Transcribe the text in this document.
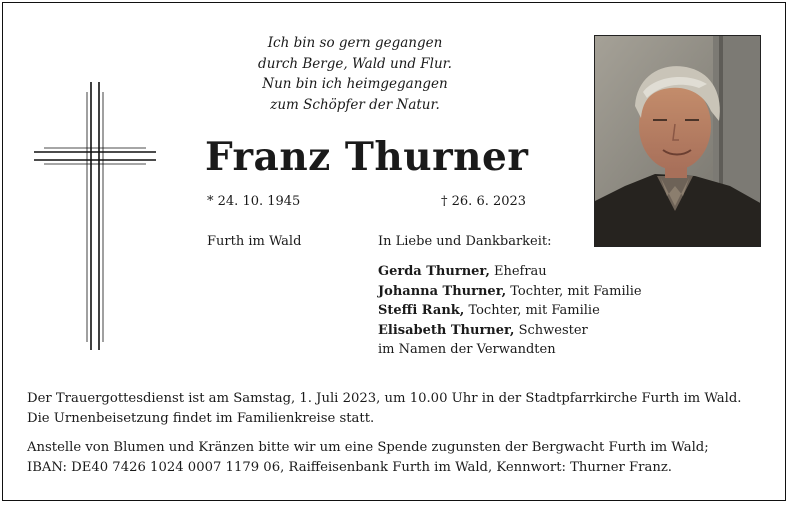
Ich bin so gern gegangen
durch Berge, Wald und Flur.
Nun bin ich heimgegangen
zum Schöpfer der Natur.
Franz Thurner
* 24. 10. 1945	† 26. 6. 2023
Furth im Wald	In Liebe und Dankbarkeit:
Gerda Thurner, Ehefrau
Johanna Thurner, Tochter, mit Familie
Steffi Rank, Tochter, mit Familie
Elisabeth Thurner, Schwester
im Namen der Verwandten
Der Trauergottesdienst ist am Samstag, 1. Juli 2023, um 10.00 Uhr in der Stadtpfarrkirche Furth im Wald.
Die Urnenbeisetzung findet im Familienkreise statt.
Anstelle von Blumen und Kränzen bitte wir um eine Spende zugunsten der Bergwacht Furth im Wald;
IBAN: DE40 7426 1024 0007 1179 06, Raiffeisenbank Furth im Wald, Kennwort: Thurner Franz.
